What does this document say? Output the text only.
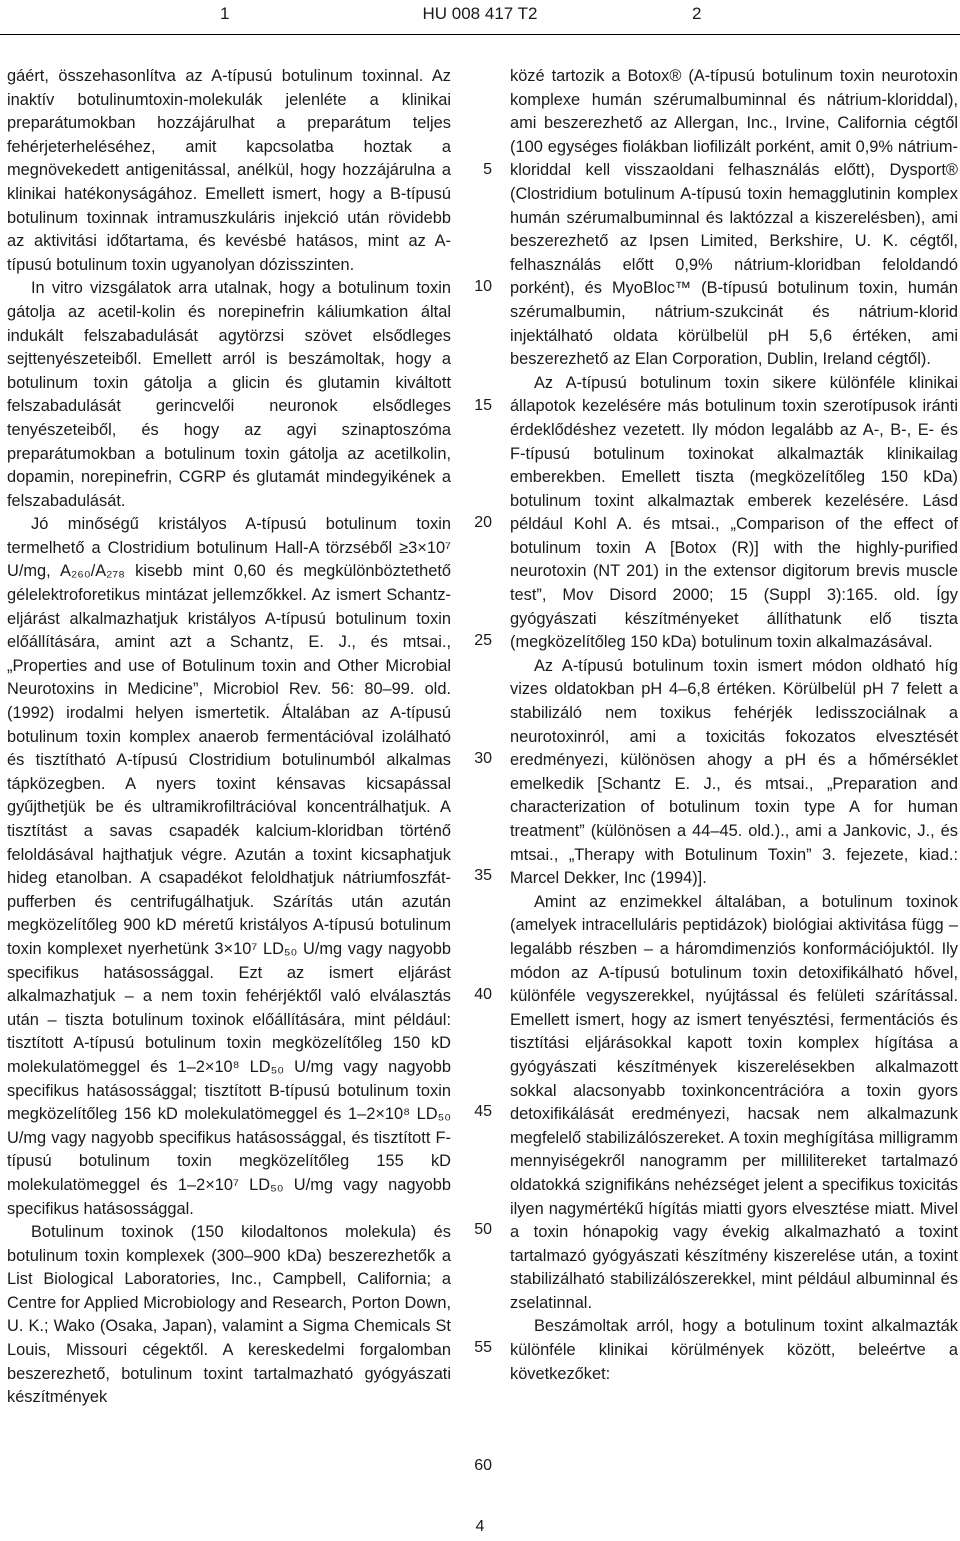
1	HU 008 417 T2	2

gáért, összehasonlítva az A-típusú botulinum toxinnal. Az inaktív botulinumtoxin-molekulák jelenléte a klinikai preparátumokban hozzájárulhat a preparátum teljes fehérjeterheléséhez, amit kapcsolatba hoztak a megnövekedett antigenitással, anélkül, hogy hozzájárulna a klinikai hatékonyságához. Emellett ismert, hogy a B-típusú botulinum toxinnak intramuszkuláris injekció után rövidebb az aktivitási időtartama, és kevésbé hatásos, mint az A-típusú botulinum toxin ugyanolyan dózisszinten.

In vitro vizsgálatok arra utalnak, hogy a botulinum toxin gátolja az acetil-kolin és norepinefrin káliumkation által indukált felszabadulását agytörzsi szövet elsődleges sejttenyészeteiből. Emellett arról is beszámoltak, hogy a botulinum toxin gátolja a glicin és glutamin kiváltott felszabadulását gerincvelői neuronok elsődleges tenyészeteiből, és hogy az agyi szinaptoszóma preparátumokban a botulinum toxin gátolja az acetilkolin, dopamin, norepinefrin, CGRP és glutamát mindegyikének a felszabadulását.

Jó minőségű kristályos A-típusú botulinum toxin termelhető a Clostridium botulinum Hall-A törzséből ≥3×10⁷ U/mg, A₂₆₀/A₂₇₈ kisebb mint 0,60 és megkülönböztethető gélelektroforetikus mintázat jellemzőkkel. Az ismert Schantz-eljárást alkalmazhatjuk kristályos A-típusú botulinum toxin előállítására, amint azt a Schantz, E. J., és mtsai., „Properties and use of Botulinum toxin and Other Microbial Neurotoxins in Medicine”, Microbiol Rev. 56: 80–99. old. (1992) irodalmi helyen ismertetik. Általában az A-típusú botulinum toxin komplex anaerob fermentációval izolálható és tisztítható A-típusú Clostridium botulinumból alkalmas tápközegben. A nyers toxint kénsavas kicsapással gyűjthetjük be és ultramikrofiltrációval koncentrálhatjuk. A tisztítást a savas csapadék kalcium-kloridban történő feloldásával hajthatjuk végre. Azután a toxint kicsaphatjuk hideg etanolban. A csapadékot feloldhatjuk nátriumfoszfát-pufferben és centrifugálhatjuk. Szárítás után azután megközelítőleg 900 kD méretű kristályos A-típusú botulinum toxin komplexet nyerhetünk 3×10⁷ LD₅₀ U/mg vagy nagyobb specifikus hatásossággal. Ezt az ismert eljárást alkalmazhatjuk – a nem toxin fehérjéktől való elválasztás után – tiszta botulinum toxinok előállítására, mint például: tisztított A-típusú botulinum toxin megközelítőleg 150 kD molekulatömeggel és 1–2×10⁸ LD₅₀ U/mg vagy nagyobb specifikus hatásossággal; tisztított B-típusú botulinum toxin megközelítőleg 156 kD molekulatömeggel és 1–2×10⁸ LD₅₀ U/mg vagy nagyobb specifikus hatásossággal, és tisztított F-típusú botulinum toxin megközelítőleg 155 kD molekulatömeggel és 1–2×10⁷ LD₅₀ U/mg vagy nagyobb specifikus hatásossággal.

Botulinum toxinok (150 kilodaltonos molekula) és botulinum toxin komplexek (300–900 kDa) beszerezhetők a List Biological Laboratories, Inc., Campbell, California; a Centre for Applied Microbiology and Research, Porton Down, U. K.; Wako (Osaka, Japan), valamint a Sigma Chemicals St Louis, Missouri cégektől. A kereskedelmi forgalomban beszerezhető, botulinum toxint tartalmazható gyógyászati készítmények

5
10
15
20
25
30
35
40
45
50
55
60

közé tartozik a Botox® (A-típusú botulinum toxin neurotoxin komplexe humán szérumalbuminnal és nátrium-kloriddal), ami beszerezhető az Allergan, Inc., Irvine, California cégtől (100 egységes fiolákban liofilizált porként, amit 0,9% nátrium-kloriddal kell visszaoldani felhasználás előtt), Dysport® (Clostridium botulinum A-típusú toxin hemagglutinin komplex humán szérumalbuminnal és laktózzal a kiszerelésben), ami beszerezhető az Ipsen Limited, Berkshire, U. K. cégtől, felhasználás előtt 0,9% nátrium-kloridban feloldandó porként), és MyoBloc™ (B-típusú botulinum toxin, humán szérumalbumin, nátrium-szukcinát és nátrium-klorid injektálható oldata körülbelül pH 5,6 értéken, ami beszerezhető az Elan Corporation, Dublin, Ireland cégtől).

Az A-típusú botulinum toxin sikere különféle klinikai állapotok kezelésére más botulinum toxin szerotípusok iránti érdeklődéshez vezetett. Ily módon legalább az A-, B-, E- és F-típusú botulinum toxinokat alkalmazták klinikailag emberekben. Emellett tiszta (megközelítőleg 150 kDa) botulinum toxint alkalmaztak emberek kezelésére. Lásd például Kohl A. és mtsai., „Comparison of the effect of botulinum toxin A [Botox (R)] with the highly-purified neurotoxin (NT 201) in the extensor digitorum brevis muscle test”, Mov Disord 2000; 15 (Suppl 3):165. old. Így gyógyászati készítményeket állíthatunk elő tiszta (megközelítőleg 150 kDa) botulinum toxin alkalmazásával.

Az A-típusú botulinum toxin ismert módon oldható híg vizes oldatokban pH 4–6,8 értéken. Körülbelül pH 7 felett a stabilizáló nem toxikus fehérjék ledisszociálnak a neurotoxinról, ami a toxicitás fokozatos elvesztését eredményezi, különösen ahogy a pH és a hőmérséklet emelkedik [Schantz E. J., és mtsai., „Preparation and characterization of botulinum toxin type A for human treatment” (különösen a 44–45. old.)., ami a Jankovic, J., és mtsai., „Therapy with Botulinum Toxin” 3. fejezete, kiad.: Marcel Dekker, Inc (1994)].

Amint az enzimekkel általában, a botulinum toxinok (amelyek intracelluláris peptidázok) biológiai aktivitása függ – legalább részben – a háromdimenziós konformációjuktól. Ily módon az A-típusú botulinum toxin detoxifikálható hővel, különféle vegyszerekkel, nyújtással és felületi szárítással. Emellett ismert, hogy az ismert tenyésztési, fermentációs és tisztítási eljárásokkal kapott toxin komplex hígítása a gyógyászati készítmények kiszerelésekben alkalmazott sokkal alacsonyabb toxinkoncentrációra a toxin gyors detoxifikálását eredményezi, hacsak nem alkalmazunk megfelelő stabilizálószereket. A toxin meghígítása milligramm mennyiségekről nanogramm per millilitereket tartalmazó oldatokká szignifikáns nehézséget jelent a specifikus toxicitás ilyen nagymértékű hígítás miatti gyors elvesztése miatt. Mivel a toxin hónapokig vagy évekig alkalmazható a toxint tartalmazó gyógyászati készítmény kiszerelése után, a toxint stabilizálható stabilizálószerekkel, mint például albuminnal és zselatinnal.

Beszámoltak arról, hogy a botulinum toxint alkalmazták különféle klinikai körülmények között, beleértve a következőket:

4
